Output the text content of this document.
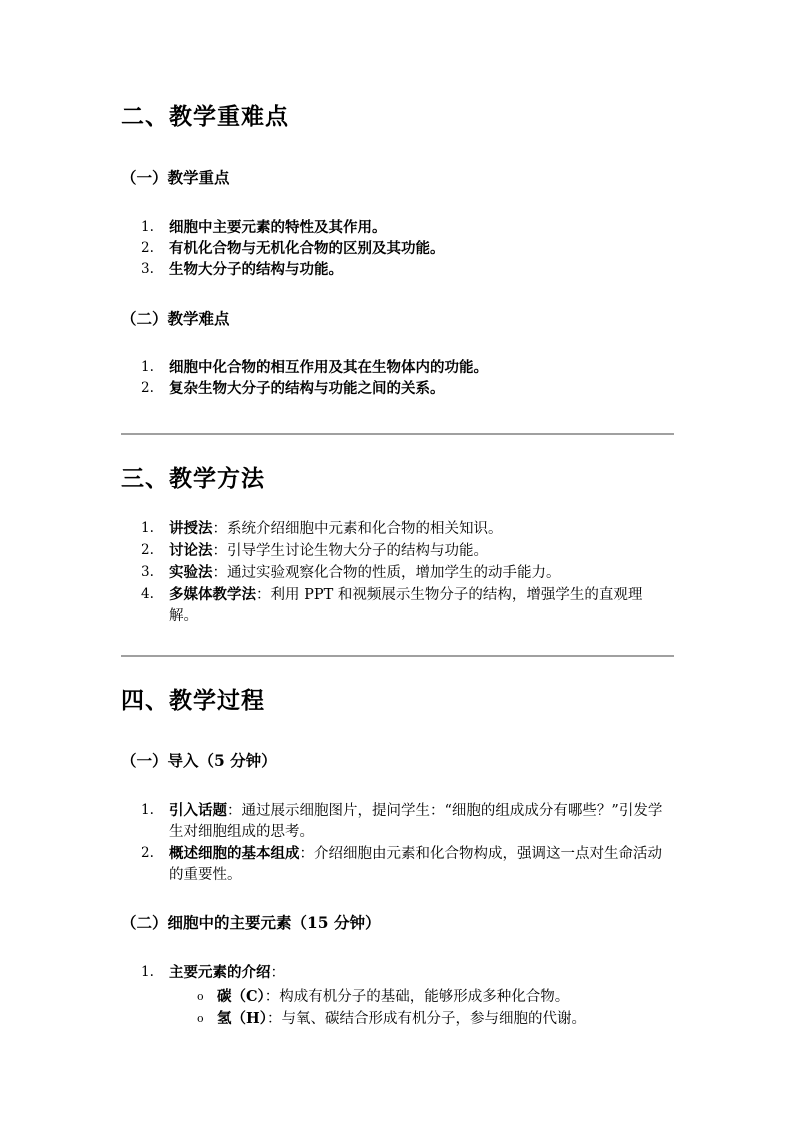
二、教学重难点
（一）教学重点
1. 细胞中主要元素的特性及其作用。
2. 有机化合物与无机化合物的区别及其功能。
3. 生物大分子的结构与功能。
（二）教学难点
1. 细胞中化合物的相互作用及其在生物体内的功能。
2. 复杂生物大分子的结构与功能之间的关系。
三、教学方法
1. 讲授法：系统介绍细胞中元素和化合物的相关知识。
2. 讨论法：引导学生讨论生物大分子的结构与功能。
3. 实验法：通过实验观察化合物的性质，增加学生的动手能力。
4. 多媒体教学法：利用 PPT 和视频展示生物分子的结构，增强学生的直观理解。
四、教学过程
（一）导入（5 分钟）
1. 引入话题：通过展示细胞图片，提问学生：“细胞的组成成分有哪些？”引发学生对细胞组成的思考。
2. 概述细胞的基本组成：介绍细胞由元素和化合物构成，强调这一点对生命活动的重要性。
（二）细胞中的主要元素（15 分钟）
1. 主要元素的介绍：
o 碳（C）：构成有机分子的基础，能够形成多种化合物。
o 氢（H）：与氧、碳结合形成有机分子，参与细胞的代谢。
